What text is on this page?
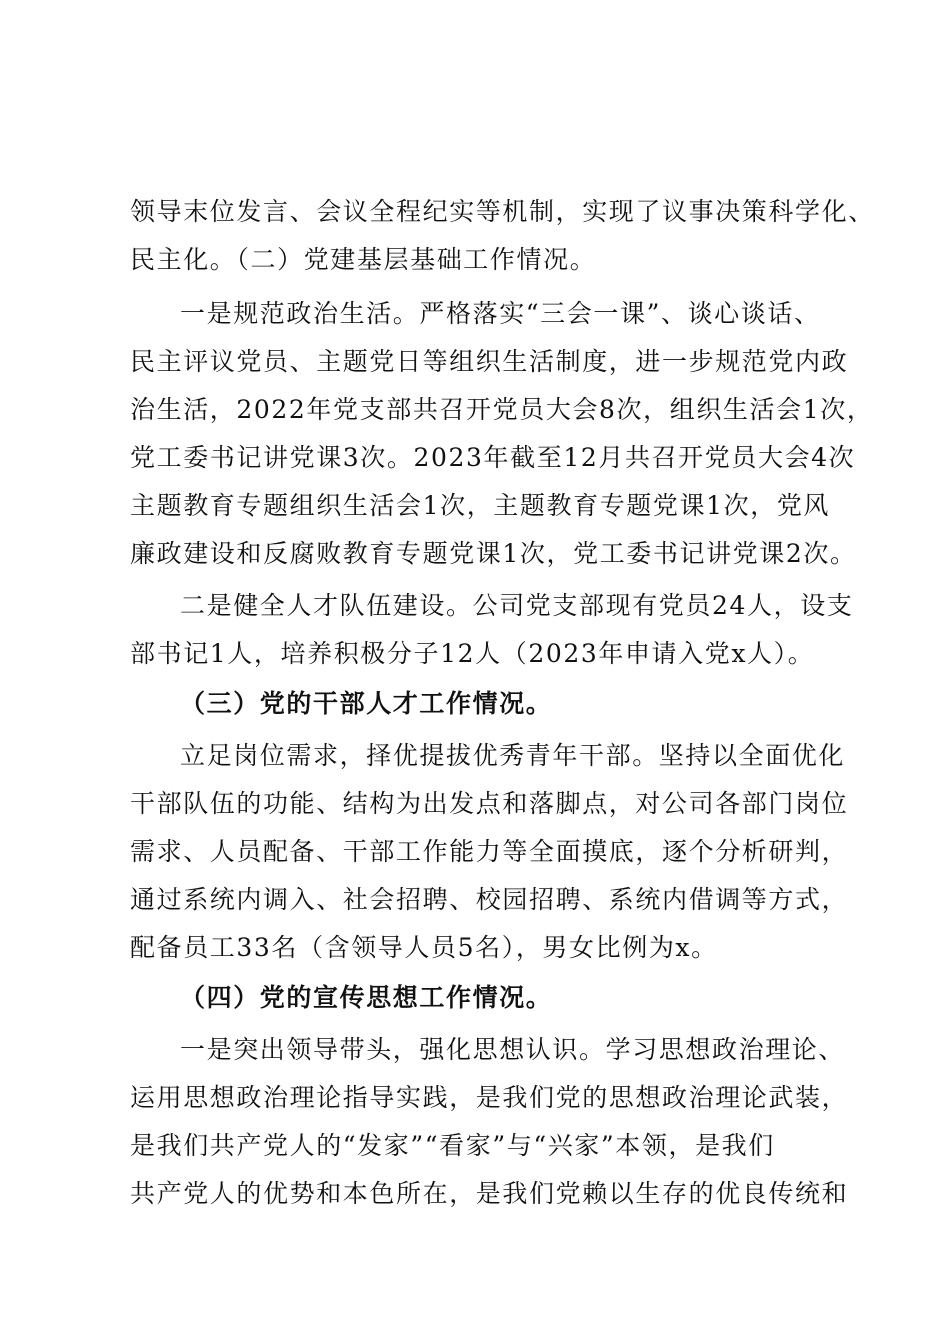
领导末位发言、会议全程纪实等机制，实现了议事决策科学化、
民主化。（二）党建基层基础工作情况。
一是规范政治生活。严格落实“三会一课”、谈心谈话、
民主评议党员、主题党日等组织生活制度，进一步规范党内政
治生活，2022年党支部共召开党员大会8次，组织生活会1次，
党工委书记讲党课3次。2023年截至12月共召开党员大会4次
主题教育专题组织生活会1次，主题教育专题党课1次，党风
廉政建设和反腐败教育专题党课1次，党工委书记讲党课2次。
二是健全人才队伍建设。公司党支部现有党员24人，设支
部书记1人，培养积极分子12人（2023年申请入党x人）。
（三）党的干部人才工作情况。
立足岗位需求，择优提拔优秀青年干部。坚持以全面优化
干部队伍的功能、结构为出发点和落脚点，对公司各部门岗位
需求、人员配备、干部工作能力等全面摸底，逐个分析研判，
通过系统内调入、社会招聘、校园招聘、系统内借调等方式，
配备员工33名（含领导人员5名），男女比例为x。
（四）党的宣传思想工作情况。
一是突出领导带头，强化思想认识。学习思想政治理论、
运用思想政治理论指导实践，是我们党的思想政治理论武装，
是我们共产党人的“发家”“看家”与“兴家”本领，是我们
共产党人的优势和本色所在，是我们党赖以生存的优良传统和
